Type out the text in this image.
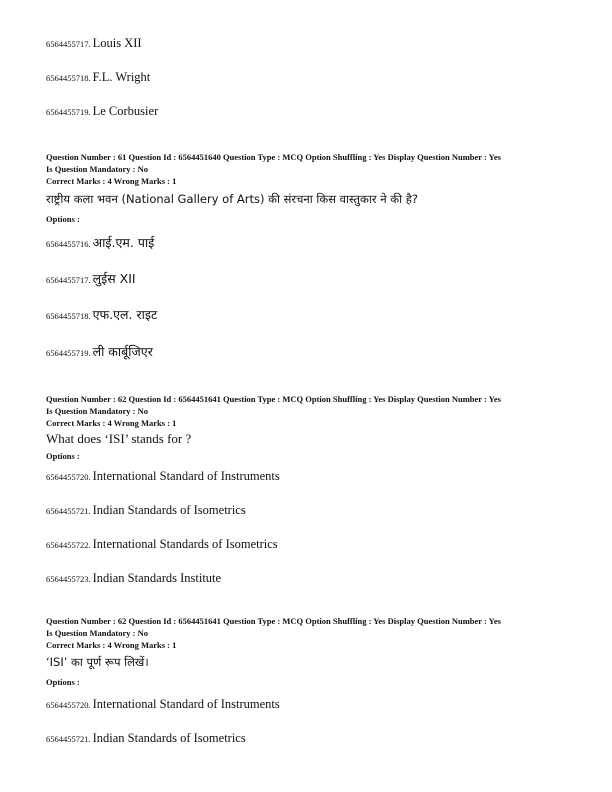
6564455717. Louis XII
6564455718. F.L. Wright
6564455719. Le Corbusier
Question Number : 61 Question Id : 6564451640 Question Type : MCQ Option Shuffling : Yes Display Question Number : Yes
Is Question Mandatory : No
Correct Marks : 4 Wrong Marks : 1
राष्ट्रीय कला भवन (National Gallery of Arts) की संरचना किस वास्तुकार ने की है?
Options :
6564455716. आई.एम. पाई
6564455717. लुईस XII
6564455718. एफ.एल. राइट
6564455719. ली कार्बूजिएर
Question Number : 62 Question Id : 6564451641 Question Type : MCQ Option Shuffling : Yes Display Question Number : Yes
Is Question Mandatory : No
Correct Marks : 4 Wrong Marks : 1
What does ‘ISI’ stands for ?
Options :
6564455720. International Standard of Instruments
6564455721. Indian Standards of Isometrics
6564455722. International Standards of Isometrics
6564455723. Indian Standards Institute
Question Number : 62 Question Id : 6564451641 Question Type : MCQ Option Shuffling : Yes Display Question Number : Yes
Is Question Mandatory : No
Correct Marks : 4 Wrong Marks : 1
‘ISI’ का पूर्ण रूप लिखें।
Options :
6564455720. International Standard of Instruments
6564455721. Indian Standards of Isometrics
